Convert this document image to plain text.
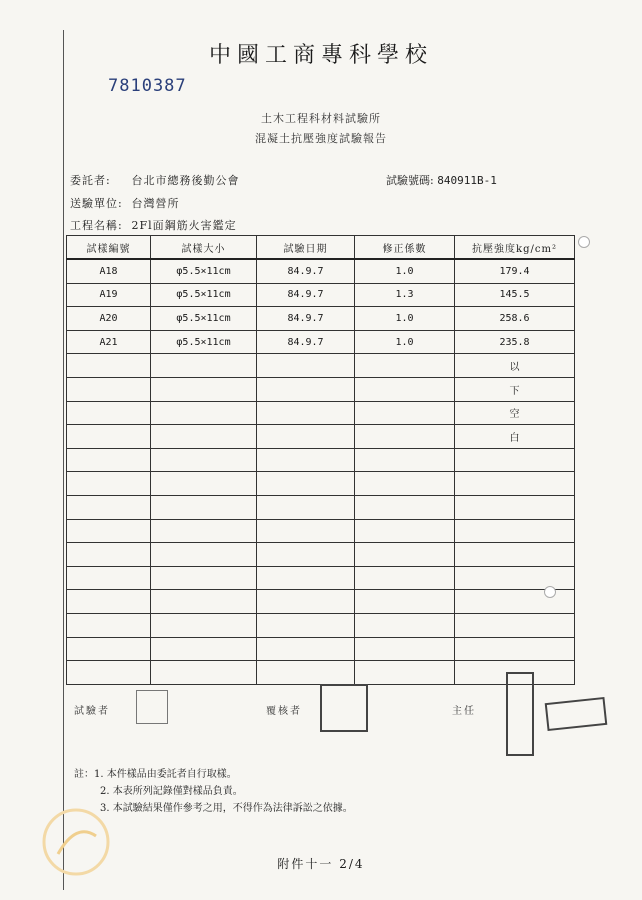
中國工商專科學校
7810387
土木工程科材料試驗所
混凝土抗壓強度試驗報告
委託者: 台北市總務後勤公會	試驗號碼: 840911B-1
送驗單位: 台灣營所
工程名稱: 2Fl面鋼筋火害鑑定
試樣編號	試樣大小	試驗日期	修正係數	抗壓強度kg/cm²
A18	φ5.5×11cm	84.9.7	1.0	179.4
A19	φ5.5×11cm	84.9.7	1.3	145.5
A20	φ5.5×11cm	84.9.7	1.0	258.6
A21	φ5.5×11cm	84.9.7	1.0	235.8
				以
				下
				空
				白

試驗者	覆核者	主任
註：1. 本件樣品由委託者自行取樣。
2. 本表所列記錄僅對樣品負責。
3. 本試驗結果僅作參考之用，不得作為法律訴訟之依據。
附件十一 2/4
